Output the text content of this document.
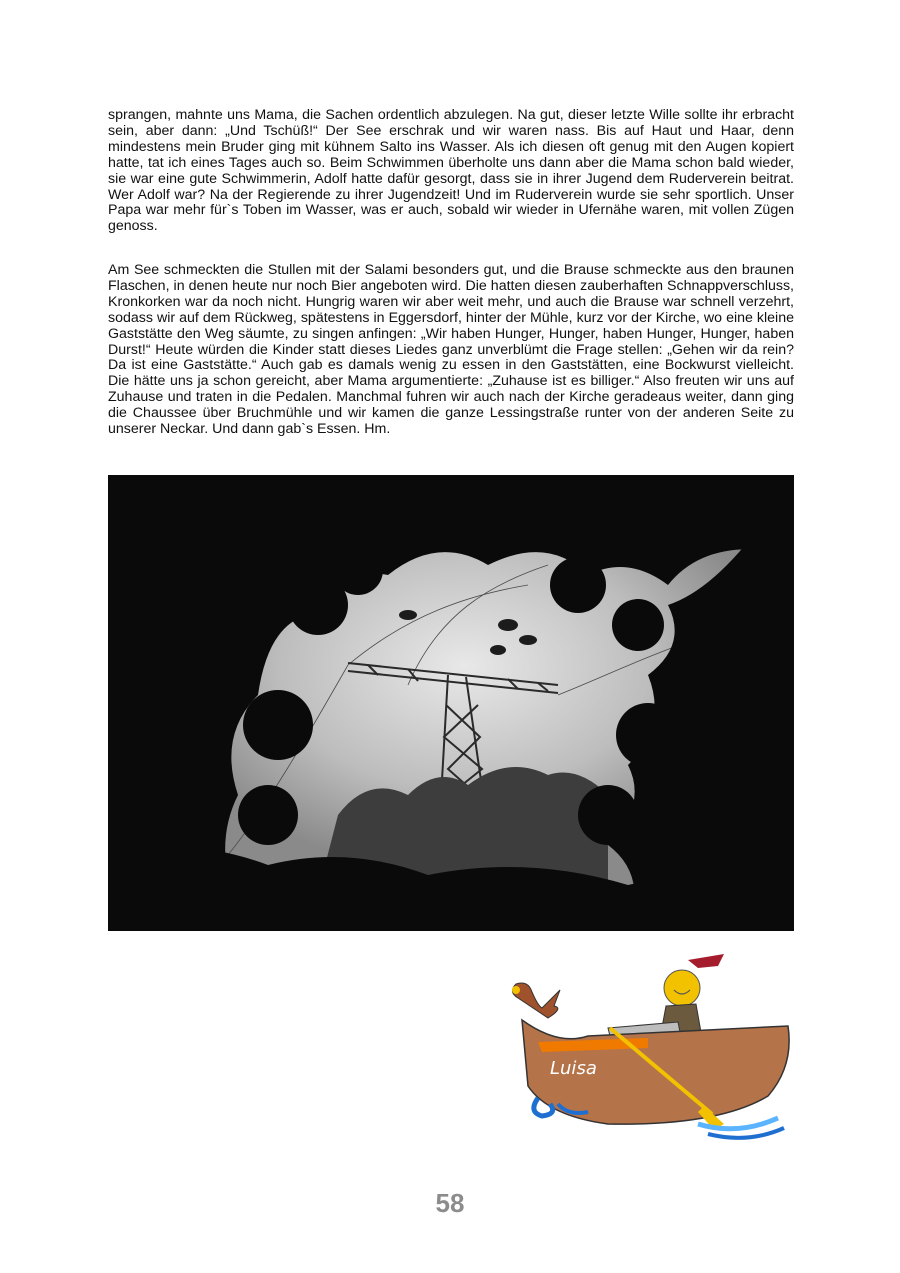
sprangen, mahnte uns Mama, die Sachen ordentlich abzulegen. Na gut, dieser letzte Wille sollte ihr erbracht sein, aber dann: „Und Tschüß!“ Der See erschrak und wir waren nass. Bis auf Haut und Haar, denn mindestens mein Bruder ging mit kühnem Salto ins Wasser. Als ich diesen oft genug mit den Augen kopiert hatte, tat ich eines Tages auch so. Beim Schwimmen überholte uns dann aber die Mama schon bald wieder, sie war eine gute Schwimmerin, Adolf hatte dafür gesorgt, dass sie in ihrer Jugend dem Ruderverein beitrat. Wer Adolf war? Na der Regierende zu ihrer Jugendzeit! Und im Ruderverein wurde sie sehr sportlich. Unser Papa war mehr für`s Toben im Wasser, was er auch, sobald wir wieder in Ufernähe waren, mit vollen Zügen genoss.

Am See schmeckten die Stullen mit der Salami besonders gut, und die Brause schmeckte aus den braunen Flaschen, in denen heute nur noch Bier angeboten wird. Die hatten diesen zauberhaften Schnappverschluss, Kronkorken war da noch nicht. Hungrig waren wir aber weit mehr, und auch die Brause war schnell verzehrt, sodass wir auf dem Rückweg, spätestens in Eggersdorf, hinter der Mühle, kurz vor der Kirche, wo eine kleine Gaststätte den Weg säumte, zu singen anfingen: „Wir haben Hunger, Hunger, haben Hunger, Hunger, haben Durst!“ Heute würden die Kinder statt dieses Liedes ganz unverblümt die Frage stellen: „Gehen wir da rein? Da ist eine Gaststätte.“ Auch gab es damals wenig zu essen in den Gaststätten, eine Bockwurst vielleicht. Die hätte uns ja schon gereicht, aber Mama argumentierte: „Zuhause ist es billiger.“ Also freuten wir uns auf Zuhause und traten in die Pedalen. Manchmal fuhren wir auch nach der Kirche geradeaus weiter, dann ging die Chaussee über Bruchmühle und wir kamen die ganze Lessingstraße runter von der anderen Seite zu unserer Neckar. Und dann gab`s Essen. Hm.

Luisa
58
